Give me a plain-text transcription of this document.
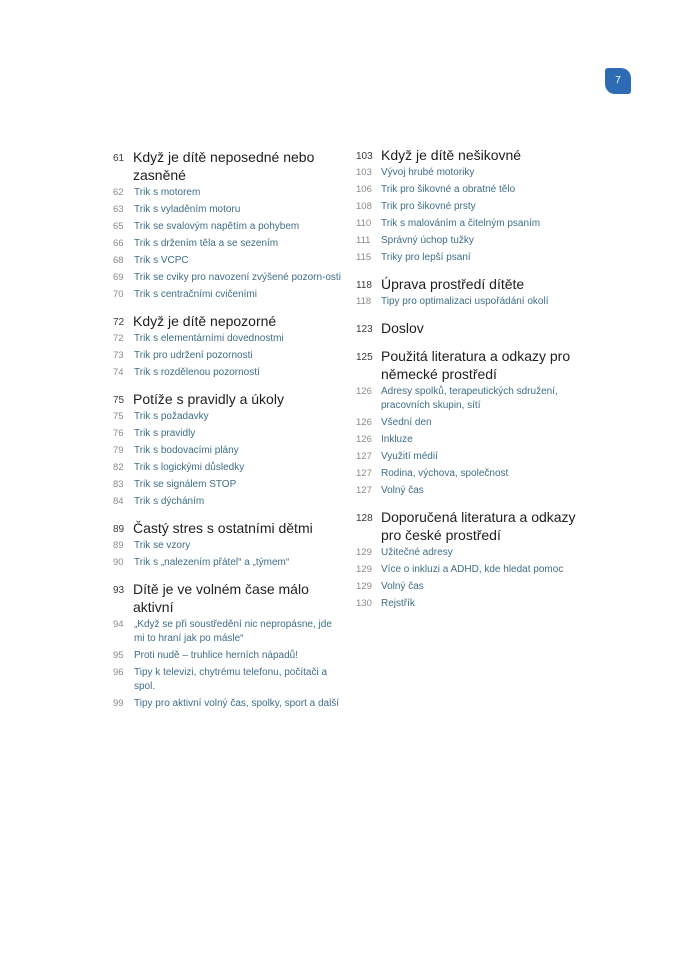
7
61 Když je dítě neposedné nebo zasněné
62	Trik s motorem
63	Trik s vyladěním motoru
65	Trik se svalovým napětím a pohybem
66	Trik s držením těla a se sezením
68	Trik s VCPC
69	Trik se cviky pro navození zvýšené pozorn-osti
70	Trik s centračními cvičeními
72 Když je dítě nepozorné
72	Trik s elementárními dovednostmi
73	Trik pro udržení pozornosti
74	Trik s rozdělenou pozorností
75 Potíže s pravidly a úkoly
75	Trik s požadavky
76	Trik s pravidly
79	Trik s bodovacími plány
82	Trik s logickými důsledky
83	Trik se signálem STOP
84	Trik s dýcháním
89 Častý stres s ostatními dětmi
89	Trik se vzory
90	Trik s „nalezením přátel“ a „týmem“
93 Dítě je ve volném čase málo aktivní
94	„Když se při soustředění nic nepropásne, jde mi to hraní jak po másle“
95	Proti nudě – truhlice herních nápadů!
96	Tipy k televizi, chytrému telefonu, počítači a spol.
99	Tipy pro aktivní volný čas, spolky, sport a další
103 Když je dítě nešikovné
103 Vývoj hrubé motoriky
106 Trik pro šikovné a obratné tělo
108 Trik pro šikovné prsty
110 Trik s malováním a čitelným psaním
111	Správný úchop tužky
115 Triky pro lepší psaní
118 Úprava prostředí dítěte
118 Tipy pro optimalizaci uspořádání okolí
123 Doslov
125 Použitá literatura a odkazy pro německé prostředí
126 Adresy spolků, terapeutických sdružení, pracovních skupin, sítí
126 Všední den
126 Inkluze
127 Využití médií
127 Rodina, výchova, společnost
127 Volný čas
128 Doporučená literatura a odkazy pro české prostředí
129 Užitečné adresy
129 Více o inkluzi a ADHD, kde hledat pomoc
129 Volný čas
130 Rejstřík
